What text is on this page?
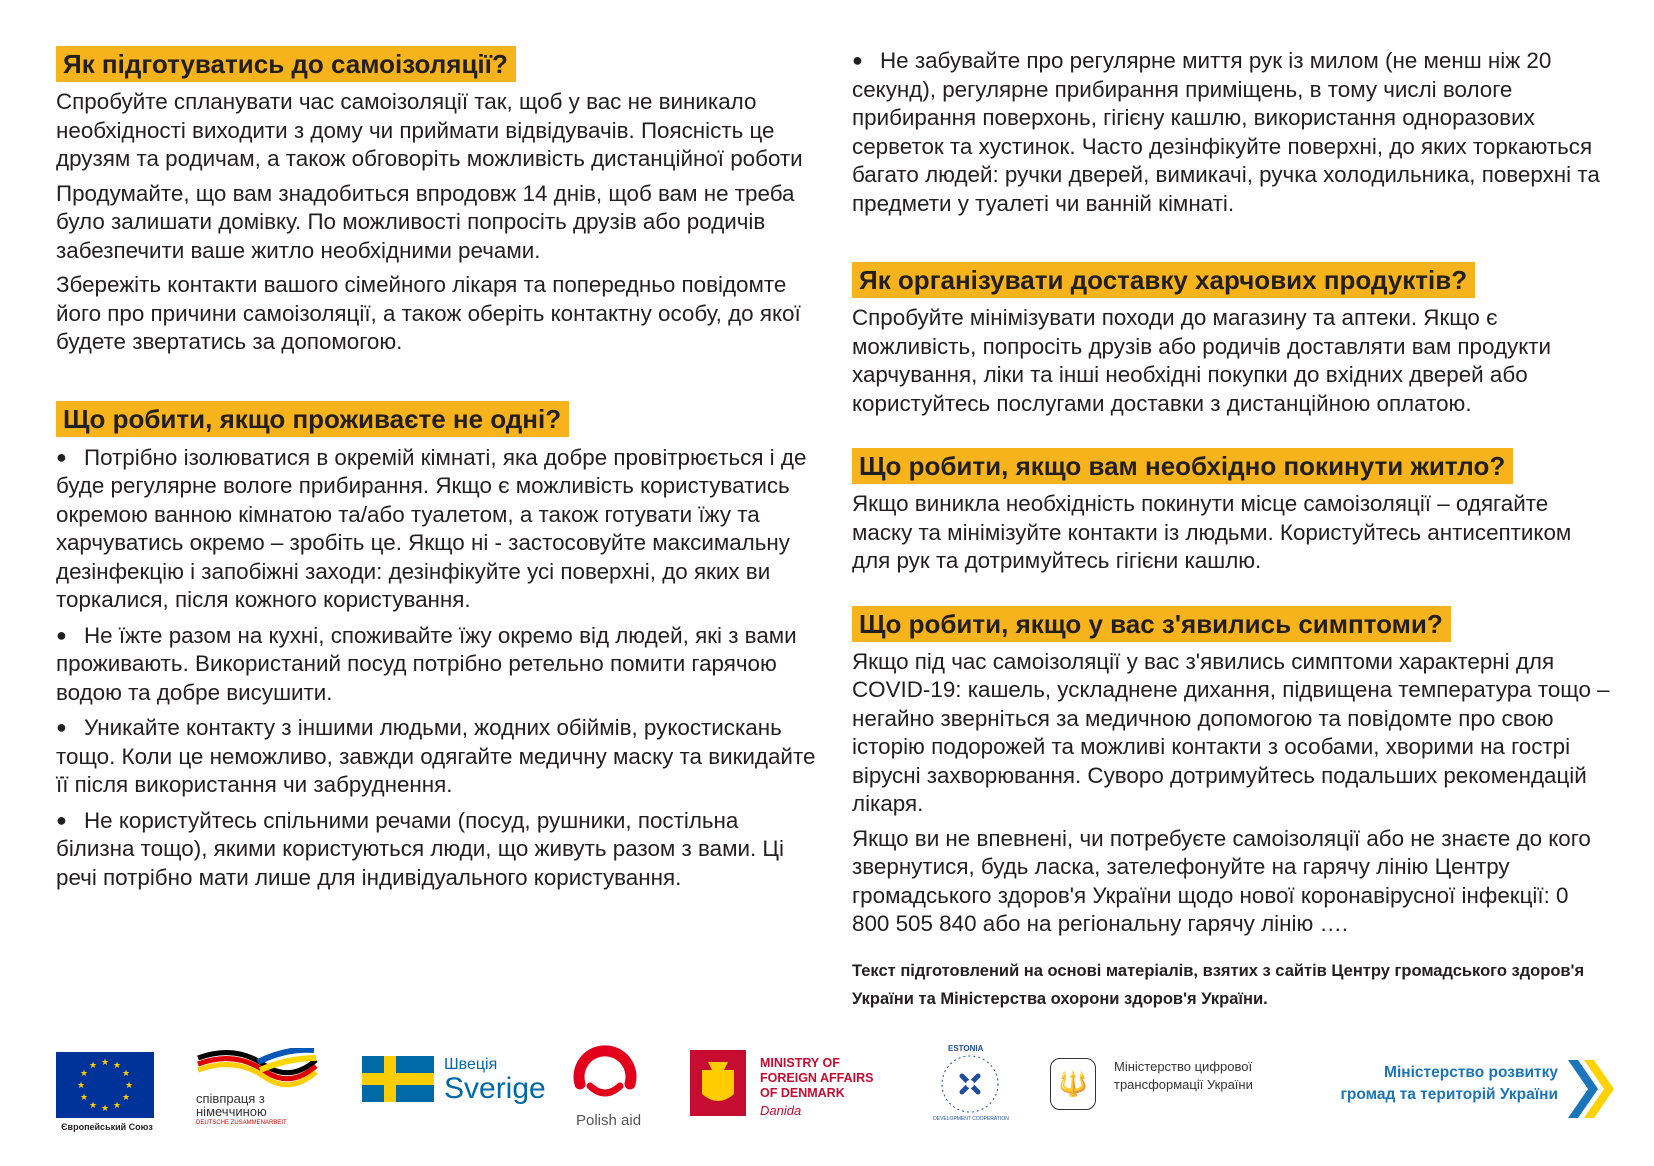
Як підготуватись до самоізоляції?

Спробуйте спланувати час самоізоляції так, щоб у вас не виникало необхідності виходити з дому чи приймати відвідувачів. Поясність це друзям та родичам, а також обговоріть можливість дистанційної роботи

Продумайте, що вам знадобиться впродовж 14 днів, щоб вам не треба було залишати домівку. По можливості попросіть друзів або родичів забезпечити ваше житло необхідними речами.

Збережіть контакти вашого сімейного лікаря та попередньо повідомте його про причини самоізоляції, а також оберіть контактну особу, до якої будете звертатись за допомогою.

Що робити, якщо проживаєте не одні?

● Потрібно ізолюватися в окремій кімнаті, яка добре провітрюється і де буде регулярне вологе прибирання. Якщо є можливість користуватись окремою ванною кімнатою та/або туалетом, а також готувати їжу та харчуватись окремо – зробіть це. Якщо ні - застосовуйте максимальну дезінфекцію і запобіжні заходи: дезінфікуйте усі поверхні, до яких ви торкалися, після кожного користування.

● Не їжте разом на кухні, споживайте їжу окремо від людей, які з вами проживають. Використаний посуд потрібно ретельно помити гарячою водою та добре висушити.

● Уникайте контакту з іншими людьми, жодних обіймів, рукостискань тощо. Коли це неможливо, завжди одягайте медичну маску та викидайте її після використання чи забруднення.

● Не користуйтесь спільними речами (посуд, рушники, постільна білизна тощо), якими користуються люди, що живуть разом з вами. Ці речі потрібно мати лише для індивідуального користування.

● Не забувайте про регулярне миття рук із милом (не менш ніж 20 секунд), регулярне прибирання приміщень, в тому числі вологе прибирання поверхонь, гігієну кашлю, використання одноразових серветок та хустинок. Часто дезінфікуйте поверхні, до яких торкаються багато людей: ручки дверей, вимикачі, ручка холодильника, поверхні та предмети у туалеті чи ванній кімнаті.

Як організувати доставку харчових продуктів?

Спробуйте мінімізувати походи до магазину та аптеки. Якщо є можливість, попросіть друзів або родичів доставляти вам продукти харчування, ліки та інші необхідні покупки до вхідних дверей або користуйтесь послугами доставки з дистанційною оплатою.

Що робити, якщо вам необхідно покинути житло?

Якщо виникла необхідність покинути місце самоізоляції – одягайте маску та мінімізуйте контакти із людьми. Користуйтесь антисептиком для рук та дотримуйтесь гігієни кашлю.

Що робити, якщо у вас з'явились симптоми?

Якщо під час самоізоляції у вас з'явились симптоми характерні для COVID-19: кашель, ускладнене дихання, підвищена температура тощо – негайно зверніться за медичною допомогою та повідомте про свою історію подорожей та можливі контакти з особами, хворими на гострі вірусні захворювання. Суворо дотримуйтесь подальших рекомендацій лікаря.

Якщо ви не впевнені, чи потребуєте самоізоляції або не знаєте до кого звернутися, будь ласка, зателефонуйте на гарячу лінію Центру громадського здоров'я України щодо нової коронавірусної інфекції: 0 800 505 840 або на регіональну гарячу лінію ….

Текст підготовлений на основі матеріалів, взятих з сайтів Центру громадського здоров'я України та Міністерства охорони здоров'я України.
★ ★
★
★
★
★
★
★
★
★
★
★
Європейський Союз
співпраця з німеччиною
DEUTSCHE ZUSAMMENARBEIT
Швеція
Sverige
Polish aid
MINISTRY OF FOREIGN AFFAIRS OF DENMARK
Danida
ESTONIA
DEVELOPMENT COOPERATION
🔱
Міністерство цифрової трансформації України
Міністерство розвитку громад та територій України
